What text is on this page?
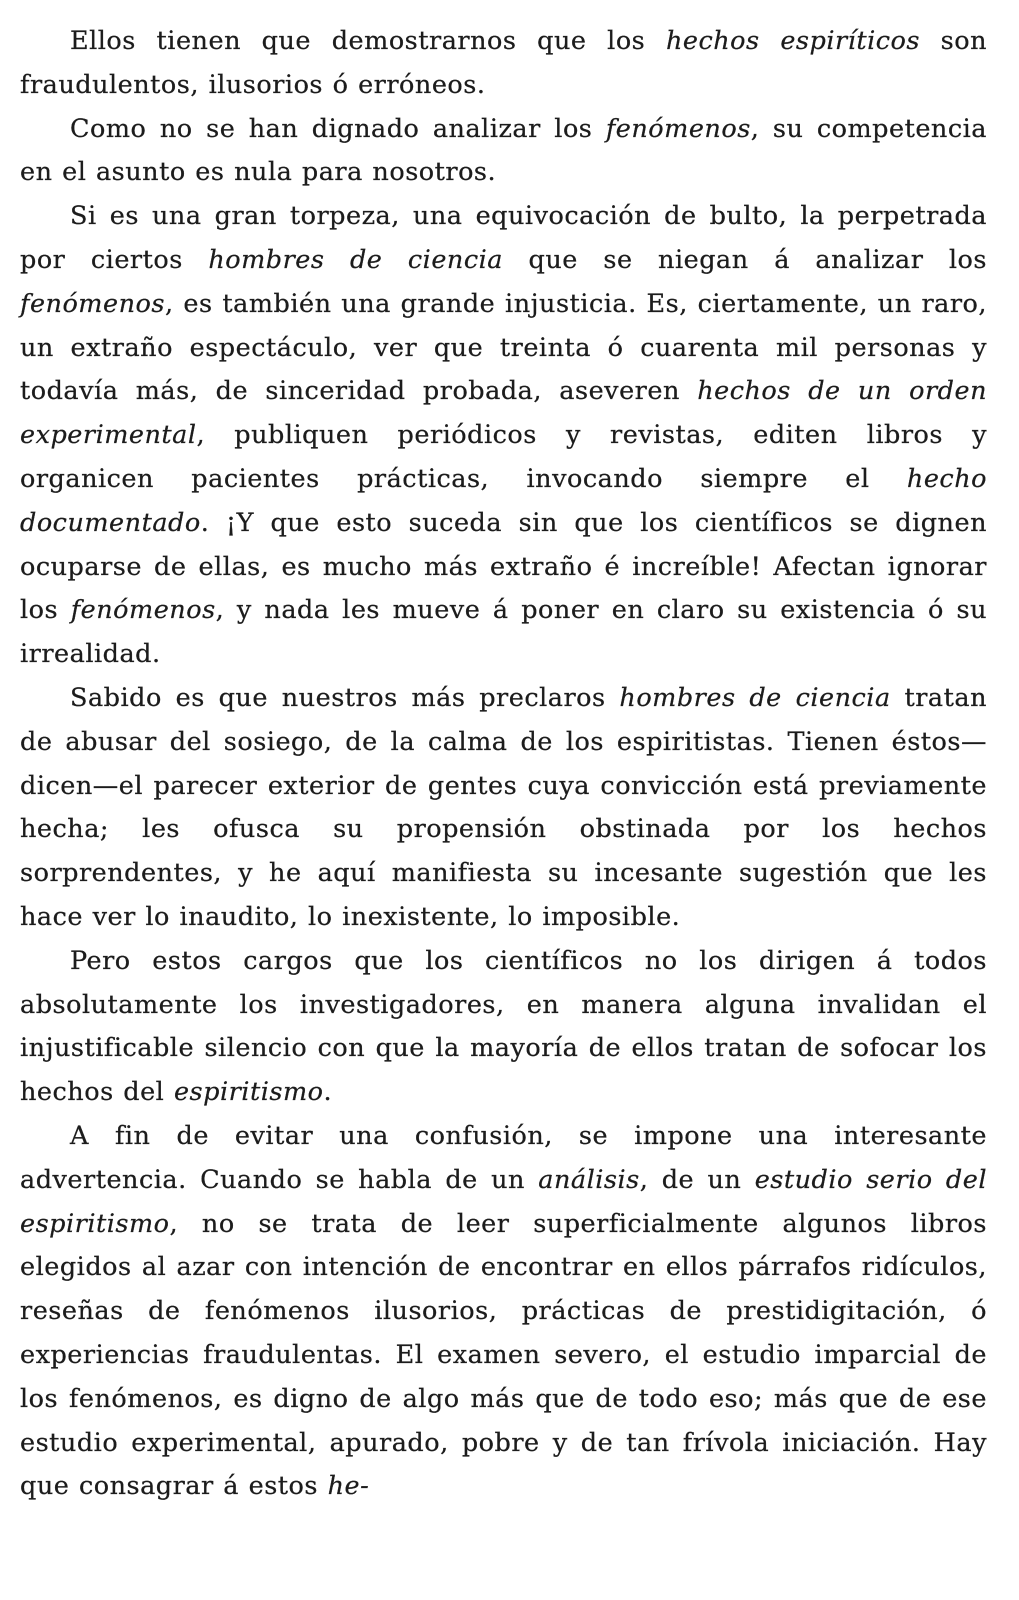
Ellos tienen que demostrarnos que los hechos espiríticos son fraudulentos, ilusorios ó erróneos.

Como no se han dignado analizar los fenómenos, su competencia en el asunto es nula para nosotros.

Si es una gran torpeza, una equivocación de bulto, la perpetrada por ciertos hombres de ciencia que se niegan á analizar los fenómenos, es también una grande injusticia. Es, ciertamente, un raro, un extraño espectáculo, ver que treinta ó cuarenta mil personas y todavía más, de sinceridad probada, aseveren hechos de un orden experimental, publiquen periódicos y revistas, editen libros y organicen pacientes prácticas, invocando siempre el hecho documentado. ¡Y que esto suceda sin que los científicos se dignen ocuparse de ellas, es mucho más extraño é increíble! Afectan ignorar los fenómenos, y nada les mueve á poner en claro su existencia ó su irrealidad.

Sabido es que nuestros más preclaros hombres de ciencia tratan de abusar del sosiego, de la calma de los espiritistas. Tienen éstos—dicen—el parecer exterior de gentes cuya convicción está previamente hecha; les ofusca su propensión obstinada por los hechos sorprendentes, y he aquí manifiesta su incesante sugestión que les hace ver lo inaudito, lo inexistente, lo imposible.

Pero estos cargos que los científicos no los dirigen á todos absolutamente los investigadores, en manera alguna invalidan el injustificable silencio con que la mayoría de ellos tratan de sofocar los hechos del espiritismo.

A fin de evitar una confusión, se impone una interesante advertencia. Cuando se habla de un análisis, de un estudio serio del espiritismo, no se trata de leer superficialmente algunos libros elegidos al azar con intención de encontrar en ellos párrafos ridículos, reseñas de fenómenos ilusorios, prácticas de prestidigitación, ó experiencias fraudulentas. El examen severo, el estudio imparcial de los fenómenos, es digno de algo más que de todo eso; más que de ese estudio experimental, apurado, pobre y de tan frívola iniciación. Hay que consagrar á estos he-
